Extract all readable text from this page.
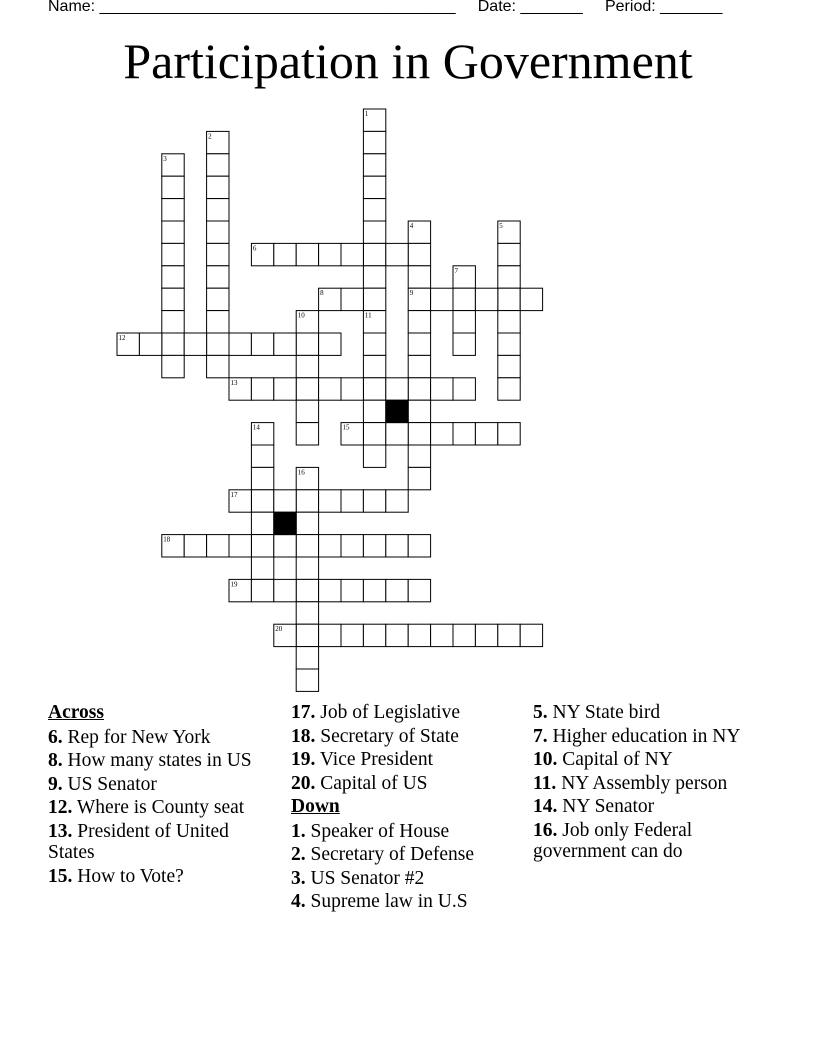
Name: ________________________________________ Date: _______ Period: _______
Participation in Government
1
2
3
4	5
6
7
8	9
10	11
12
13
14	15
16
17
18
19
20
Across
6. Rep for New York
8. How many states in US
9. US Senator
12. Where is County seat
13. President of United States
15. How to Vote?
17. Job of Legislative
18. Secretary of State
19. Vice President
20. Capital of US
Down
1. Speaker of House
2. Secretary of Defense
3. US Senator #2
4. Supreme law in U.S
5. NY State bird
7. Higher education in NY
10. Capital of NY
11. NY Assembly person
14. NY Senator
16. Job only Federal government can do
